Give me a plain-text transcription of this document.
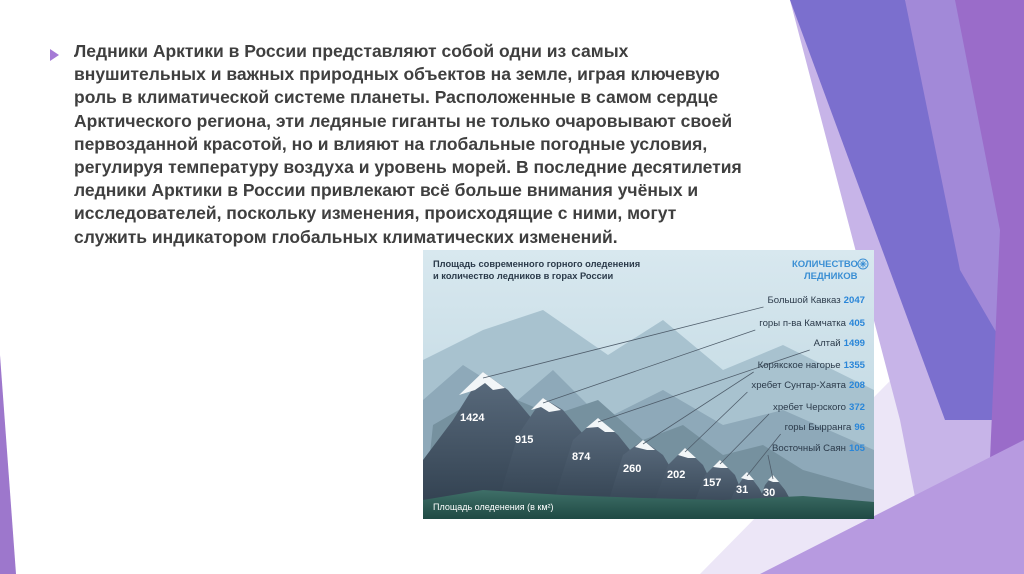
Ледники Арктики в России представляют собой одни из самых внушительных и важных природных объектов на земле, играя ключевую роль в климатической системе планеты. Расположенные в самом сердце Арктического региона, эти ледяные гиганты не только очаровывают своей первозданной красотой, но и влияют на глобальные погодные условия, регулируя температуру воздуха и уровень морей. В последние десятилетия ледники Арктики в России привлекают всё больше внимания учёных и исследователей, поскольку изменения, происходящие с ними, могут служить индикатором глобальных климатических изменений.

Площадь современного горного оледенения
и количество ледников в горах России
КОЛИЧЕСТВО
ЛЕДНИКОВ
2047
Большой Кавказ
1424
405
горы п-ва Камчатка
915
1499
Алтай
874
1355
Корякское нагорье
260
208
хребет Сунтар-Хаята
202
372
хребет Черского
157
96
горы Бырранга
31
105
Восточный Саян
30
Площадь оледенения (в км²)
